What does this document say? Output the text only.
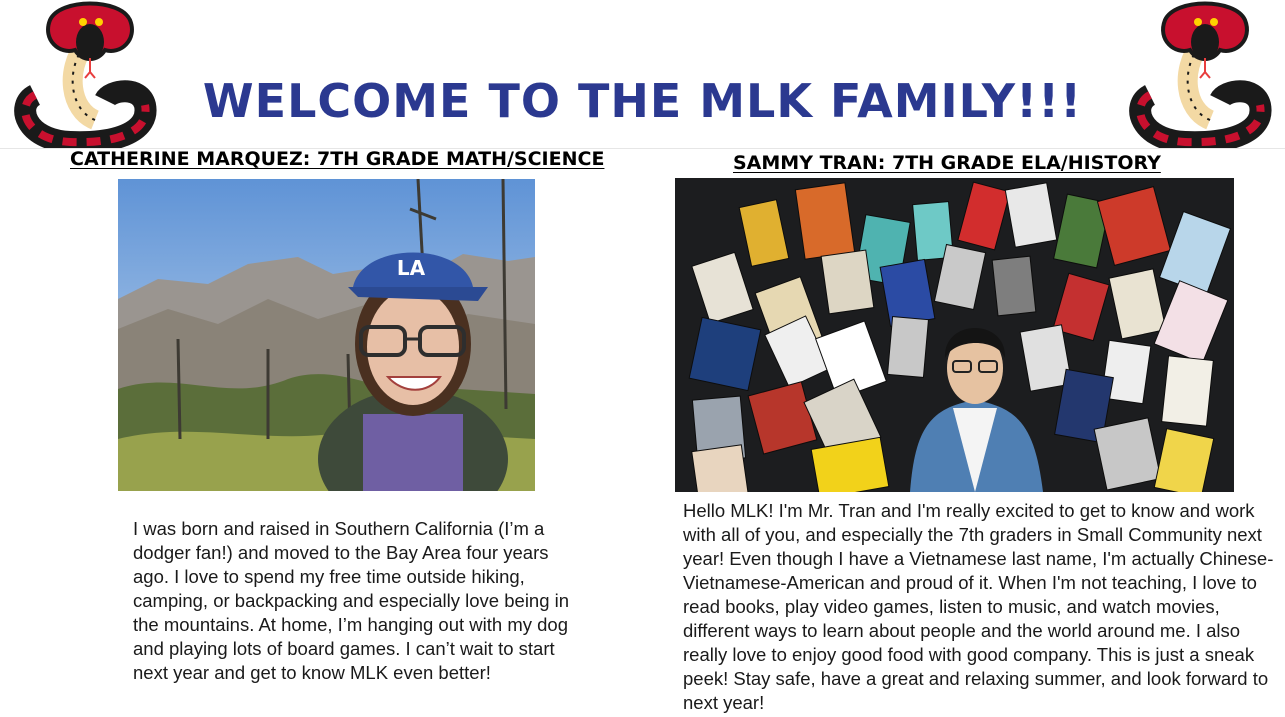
WELCOME TO THE MLK FAMILY!!!
CATHERINE MARQUEZ: 7TH GRADE MATH/SCIENCE
LA

I was born and raised in Southern California (I’m a dodger fan!) and moved to the Bay Area four years ago. I love to spend my free time outside hiking, camping, or backpacking and especially love being in the mountains. At home, I’m hanging out with my dog and playing lots of board games. I can’t wait to start next year and get to know MLK even better!

SAMMY TRAN: 7TH GRADE ELA/HISTORY

Hello MLK! I'm Mr. Tran and I'm really excited to get to know and work with all of you, and especially the 7th graders in Small Community next year! Even though I have a Vietnamese last name, I'm actually Chinese-Vietnamese-American and proud of it. When I'm not teaching, I love to read books, play video games, listen to music, and watch movies, different ways to learn about people and the world around me. I also really love to enjoy good food with good company. This is just a sneak peek! Stay safe, have a great and relaxing summer, and look forward to next year!
